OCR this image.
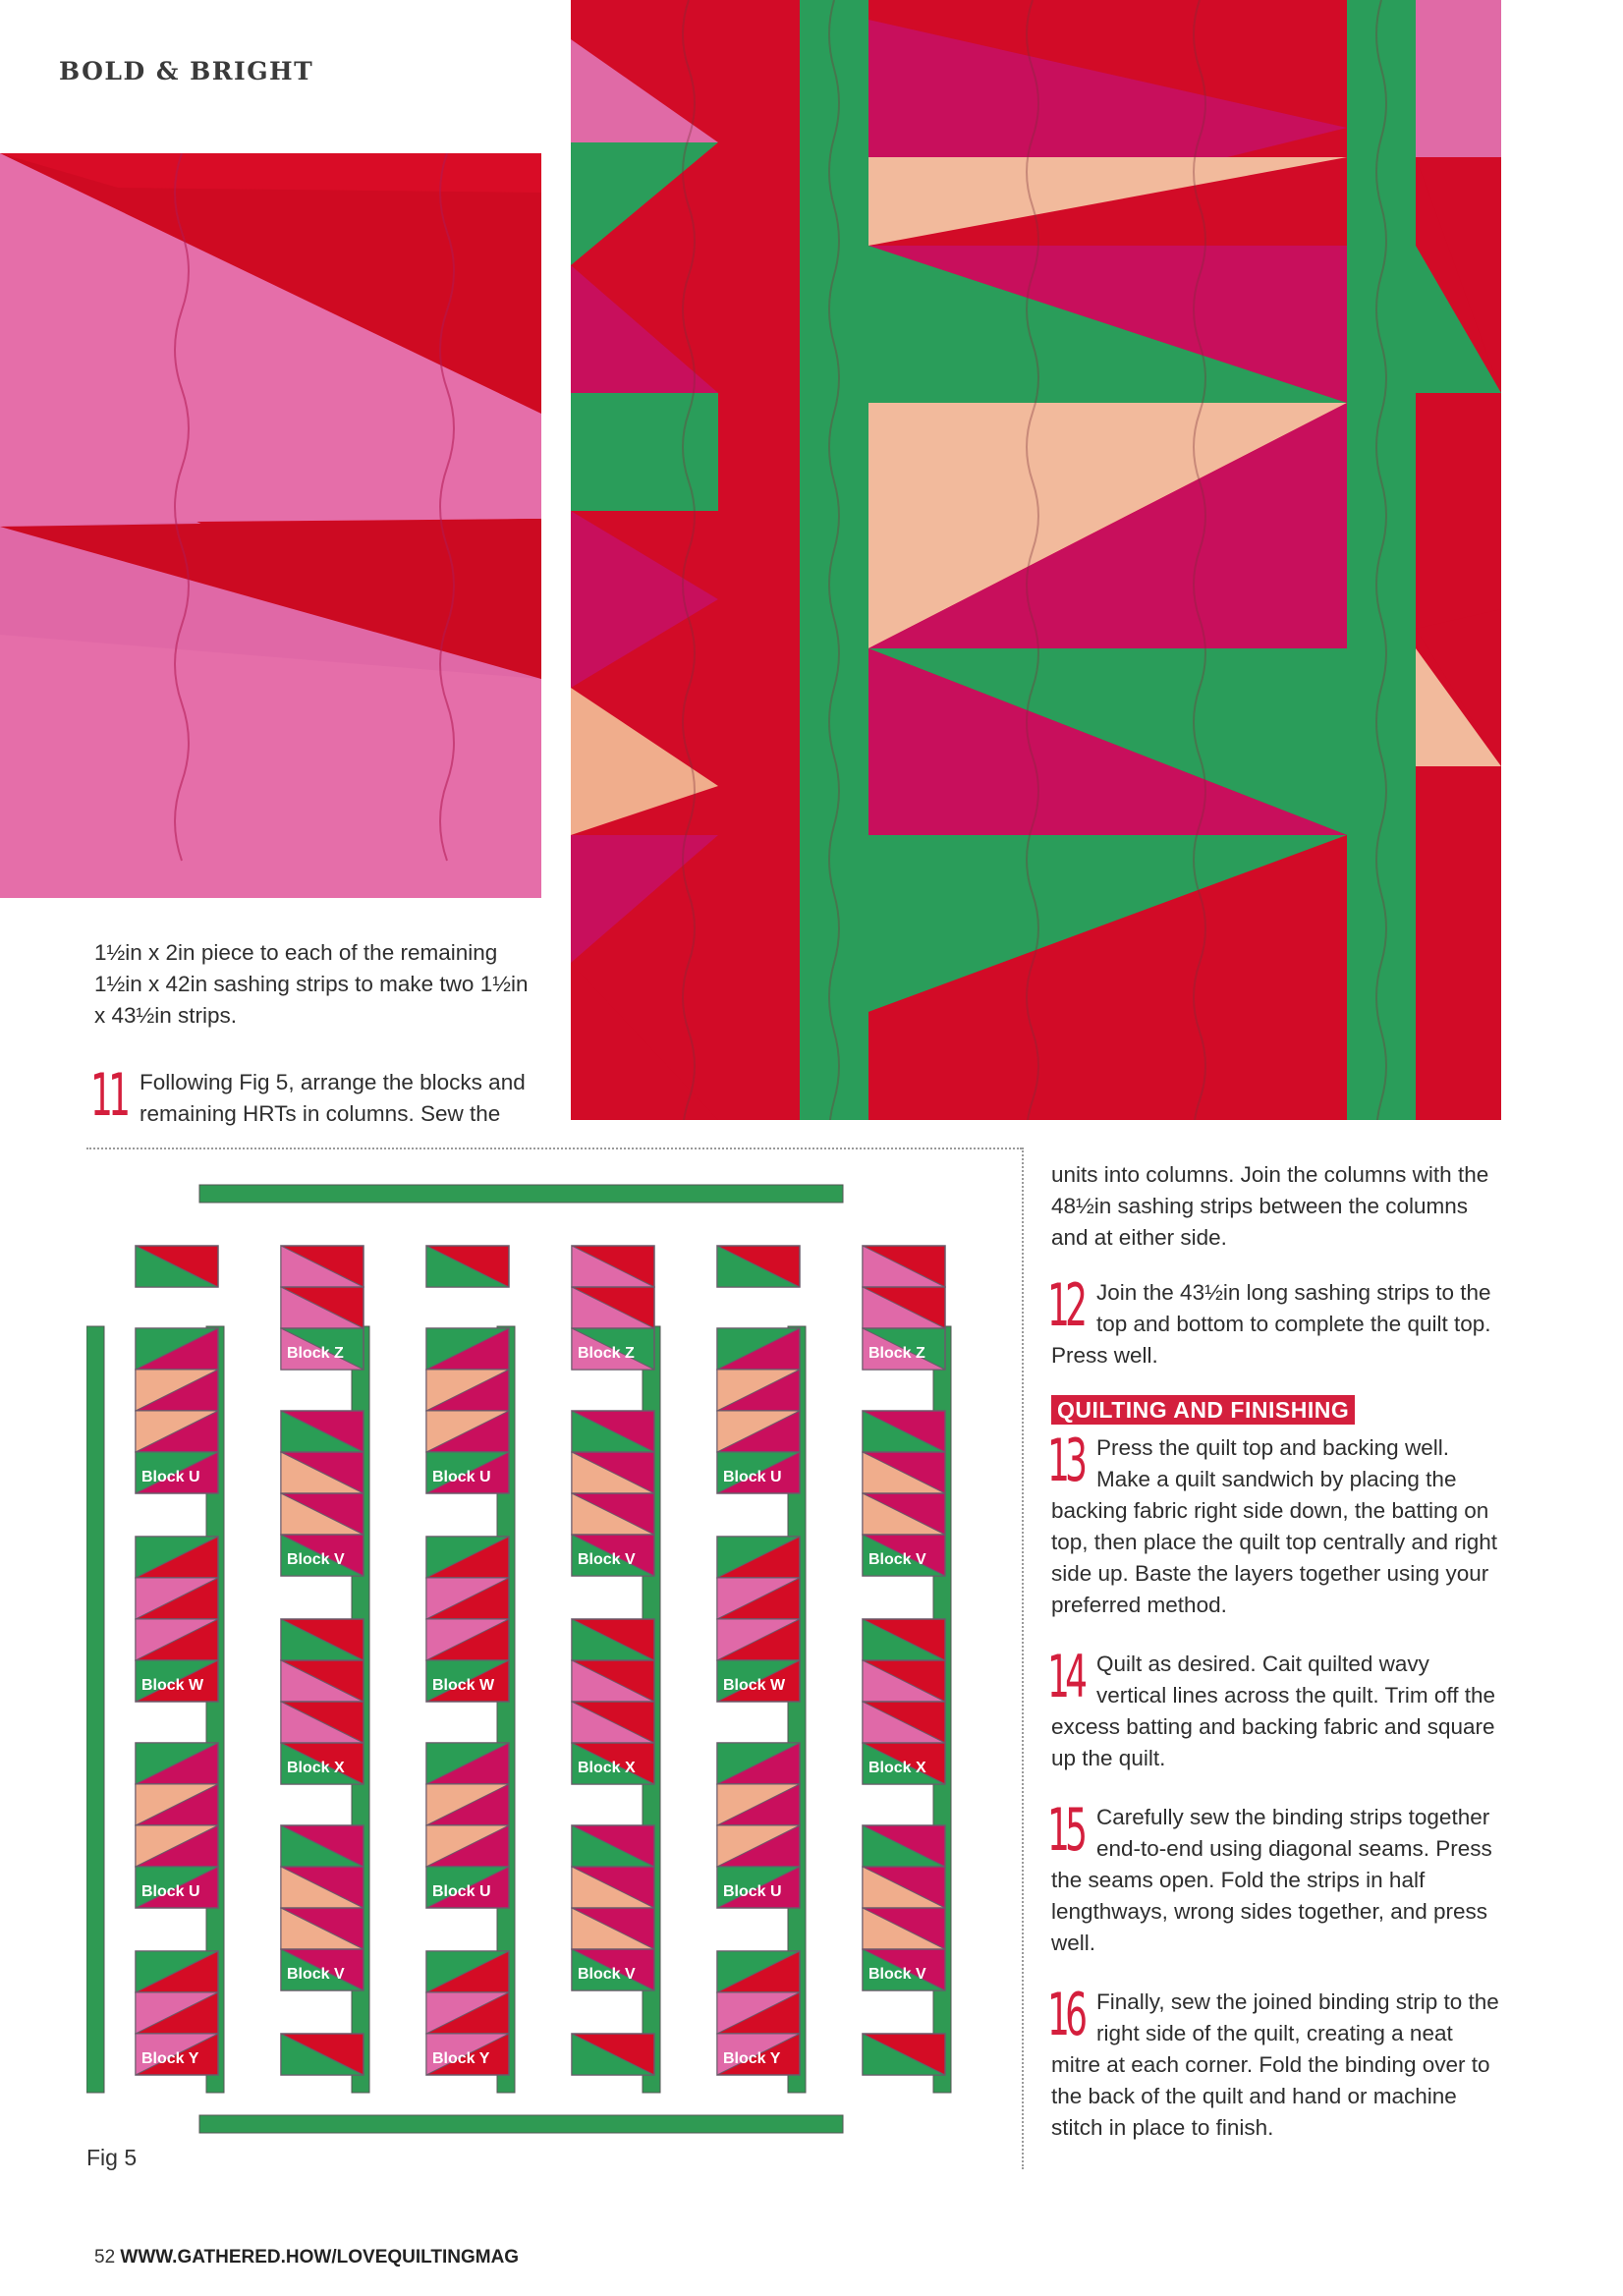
BOLD & BRIGHT
1½in x 2in piece to each of the remaining 1½in x 42in sashing strips to make two 1½in x 43½in strips.
11 Following Fig 5, arrange the blocks and remaining HRTs in columns. Sew the

units into columns. Join the columns with the 48½in sashing strips between the columns and at either side.

12 Join the 43½in long sashing strips to the top and bottom to complete the quilt top. Press well.

QUILTING AND FINISHING
13 Press the quilt top and backing well. Make a quilt sandwich by placing the backing fabric right side down, the batting on top, then place the quilt top centrally and right side up. Baste the layers together using your preferred method.

14 Quilt as desired. Cait quilted wavy vertical lines across the quilt. Trim off the excess batting and backing fabric and square up the quilt.

15 Carefully sew the binding strips together end-to-end using diagonal seams. Press the seams open. Fold the strips in half lengthways, wrong sides together, and press well.

16 Finally, sew the joined binding strip to the right side of the quilt, creating a neat mitre at each corner. Fold the binding over to the back of the quilt and hand or machine stitch in place to finish.

Block U
Block W
Block U
Block Y
Block U
Block W
Block U
Block Y
Block U
Block W
Block U
Block Y
Block Z
Block V
Block X
Block V
Block Z
Block V
Block X
Block V
Block Z
Block V
Block X
Block V
Fig 5
52 WWW.GATHERED.HOW/LOVEQUILTINGMAG
